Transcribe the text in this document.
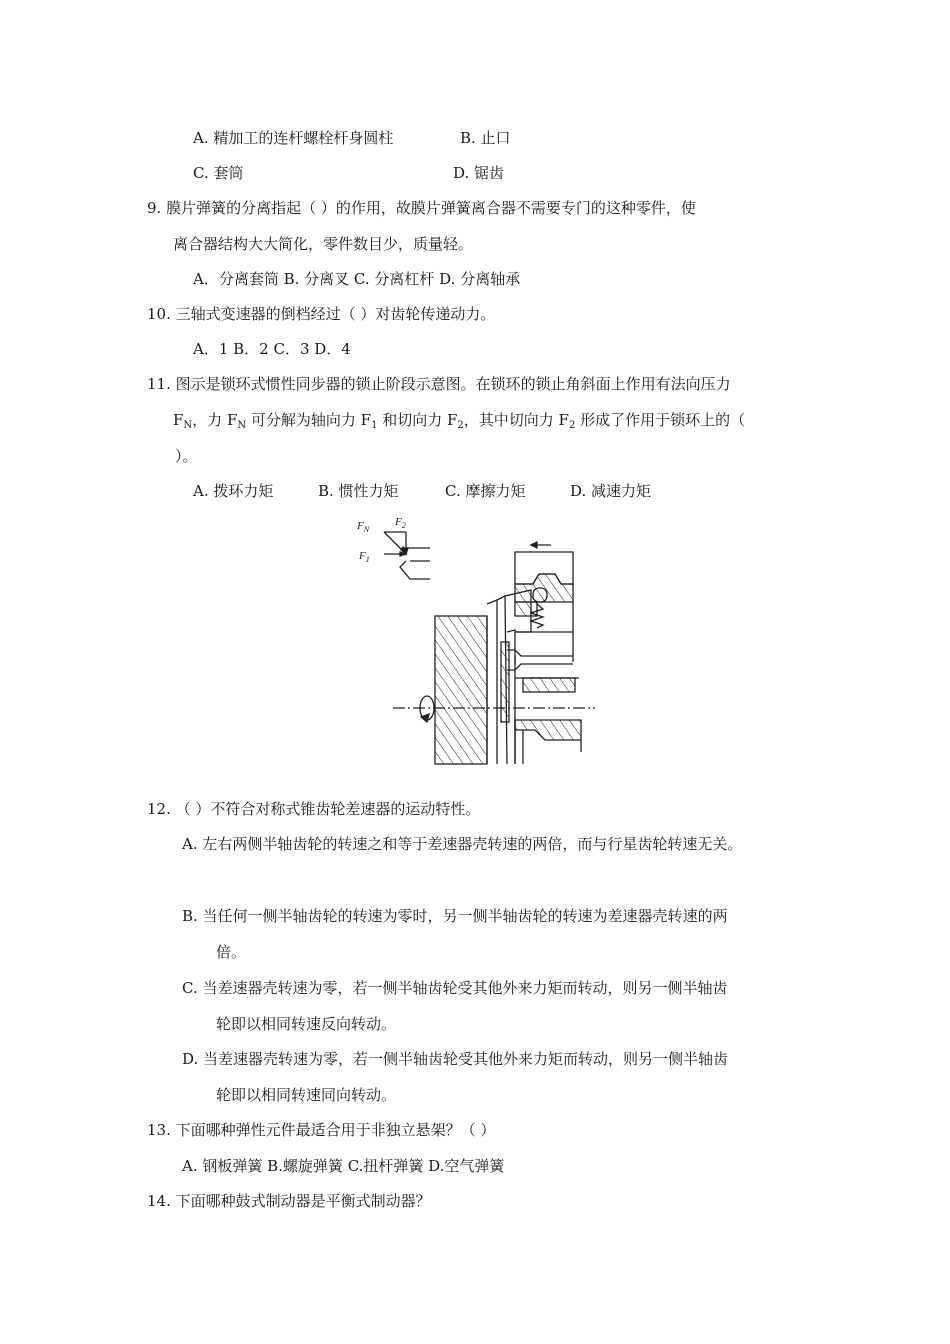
A. 精加工的连杆螺栓杆身圆柱	B. 止口
C. 套筒	D. 锯齿
9. 膜片弹簧的分离指起（ ）的作用，故膜片弹簧离合器不需要专门的这种零件，使
离合器结构大大简化，零件数目少，质量轻。
A．分离套筒 B. 分离叉 C. 分离杠杆 D. 分离轴承
10. 三轴式变速器的倒档经过（ ）对齿轮传递动力。
A．1 B．2 C．3 D．4
11. 图示是锁环式惯性同步器的锁止阶段示意图。在锁环的锁止角斜面上作用有法向压力
$F_N$，力 $F_N$ 可分解为轴向力 $F_1$ 和切向力 $F_2$，其中切向力 $F_2$ 形成了作用于锁环上的（
）。
A. 拨环力矩	B. 惯性力矩	C. 摩擦力矩	D. 减速力矩
$F_N$
$F_2$
$F_1$
12. （ ）不符合对称式锥齿轮差速器的运动特性。
A. 左右两侧半轴齿轮的转速之和等于差速器壳转速的两倍，而与行星齿轮转速无关。
B. 当任何一侧半轴齿轮的转速为零时，另一侧半轴齿轮的转速为差速器壳转速的两
倍。
C. 当差速器壳转速为零，若一侧半轴齿轮受其他外来力矩而转动，则另一侧半轴齿
轮即以相同转速反向转动。
D. 当差速器壳转速为零，若一侧半轴齿轮受其他外来力矩而转动，则另一侧半轴齿
轮即以相同转速同向转动。
13. 下面哪种弹性元件最适合用于非独立悬架？（ ）
A. 钢板弹簧 B.螺旋弹簧 C.扭杆弹簧 D.空气弹簧
14. 下面哪种鼓式制动器是平衡式制动器？
